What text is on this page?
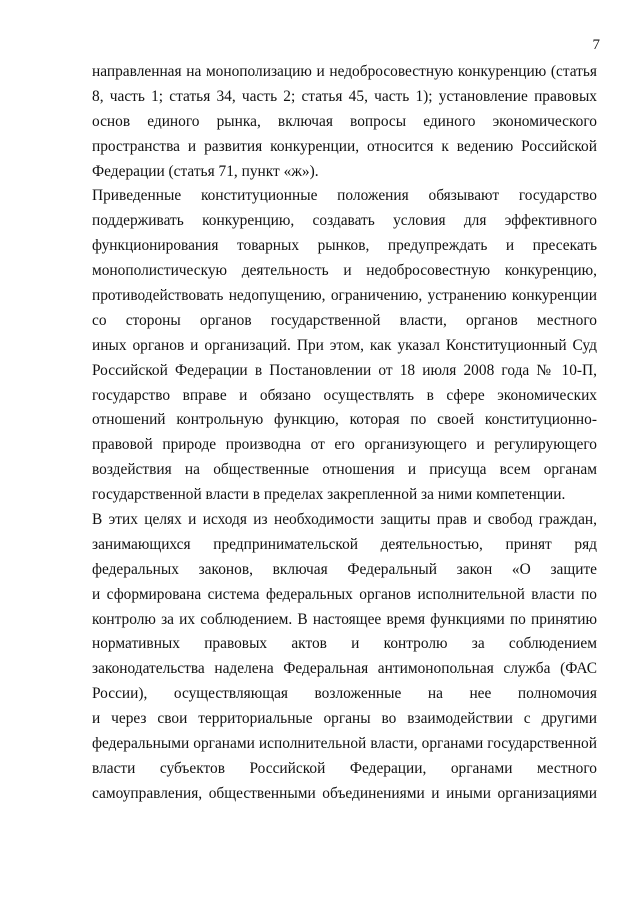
7
направленная на монополизацию и недобросовестную конкуренцию (статья
8, часть 1; статья 34, часть 2; статья 45, часть 1); установление правовых
основ единого рынка, включая вопросы единого экономического
пространства и развития конкуренции, относится к ведению Российской
Федерации (статья 71, пункт «ж»).
Приведенные конституционные положения обязывают государство
поддерживать конкуренцию, создавать условия для эффективного
функционирования товарных рынков, предупреждать и пресекать
монополистическую деятельность и недобросовестную конкуренцию,
противодействовать недопущению, ограничению, устранению конкуренции
со стороны органов государственной власти, органов местного
иных органов и организаций. При этом, как указал Конституционный Суд
Российской Федерации в Постановлении от 18 июля 2008 года № 10-П,
государство вправе и обязано осуществлять в сфере экономических
отношений контрольную функцию, которая по своей конституционно-
правовой природе производна от его организующего и регулирующего
воздействия на общественные отношения и присуща всем органам
государственной власти в пределах закрепленной за ними компетенции.
В этих целях и исходя из необходимости защиты прав и свобод граждан,
занимающихся предпринимательской деятельностью, принят ряд
федеральных законов, включая Федеральный закон «О защите
и сформирована система федеральных органов исполнительной власти по
контролю за их соблюдением. В настоящее время функциями по принятию
нормативных правовых актов и контролю за соблюдением
законодательства наделена Федеральная антимонопольная служба (ФАС
России), осуществляющая возложенные на нее полномочия
и через свои территориальные органы во взаимодействии с другими
федеральными органами исполнительной власти, органами государственной
власти субъектов Российской Федерации, органами местного
самоуправления, общественными объединениями и иными организациями
